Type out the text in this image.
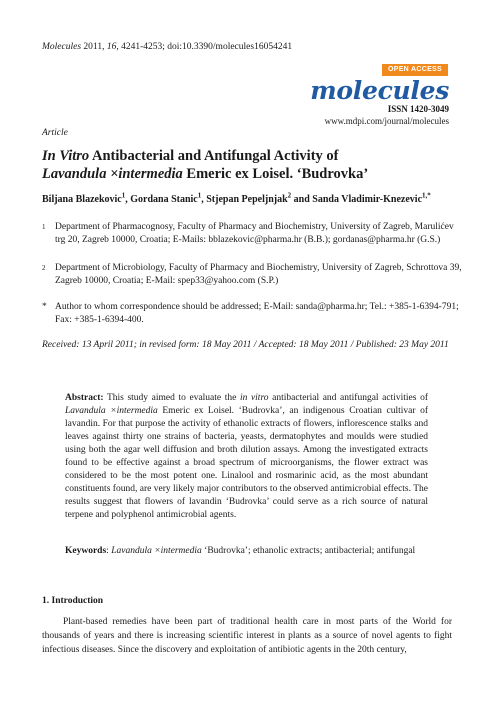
Molecules 2011, 16, 4241-4253; doi:10.3390/molecules16054241
OPEN ACCESS
molecules
ISSN 1420-3049
www.mdpi.com/journal/molecules
Article
In Vitro Antibacterial and Antifungal Activity of
Lavandula ×intermedia Emeric ex Loisel. ‘Budrovka’
Biljana Blazekovic$^1$, Gordana Stanic$^1$, Stjepan Pepeljnjak$^2$ and Sanda Vladimir-Knezevic$^{1,*}$
1 Department of Pharmacognosy, Faculty of Pharmacy and Biochemistry, University of Zagreb, Marulićev trg 20, Zagreb 10000, Croatia; E-Mails: bblazekovic@pharma.hr (B.B.); gordanas@pharma.hr (G.S.)
2 Department of Microbiology, Faculty of Pharmacy and Biochemistry, University of Zagreb, Schrottova 39, Zagreb 10000, Croatia; E-Mail: spep33@yahoo.com (S.P.)
* Author to whom correspondence should be addressed; E-Mail: sanda@pharma.hr; Tel.: +385-1-6394-791; Fax: +385-1-6394-400.
Received: 13 April 2011; in revised form: 18 May 2011 / Accepted: 18 May 2011 / Published: 23 May 2011
Abstract: This study aimed to evaluate the in vitro antibacterial and antifungal activities of Lavandula ×intermedia Emeric ex Loisel. ‘Budrovka’, an indigenous Croatian cultivar of lavandin. For that purpose the activity of ethanolic extracts of flowers, inflorescence stalks and leaves against thirty one strains of bacteria, yeasts, dermatophytes and moulds were studied using both the agar well diffusion and broth dilution assays. Among the investigated extracts found to be effective against a broad spectrum of microorganisms, the flower extract was considered to be the most potent one. Linalool and rosmarinic acid, as the most abundant constituents found, are very likely major contributors to the observed antimicrobial effects. The results suggest that flowers of lavandin ‘Budrovka’ could serve as a rich source of natural terpene and polyphenol antimicrobial agents.
Keywords: Lavandula ×intermedia ‘Budrovka’; ethanolic extracts; antibacterial; antifungal
1. Introduction
Plant-based remedies have been part of traditional health care in most parts of the World for thousands of years and there is increasing scientific interest in plants as a source of novel agents to fight infectious diseases. Since the discovery and exploitation of antibiotic agents in the 20th century,
